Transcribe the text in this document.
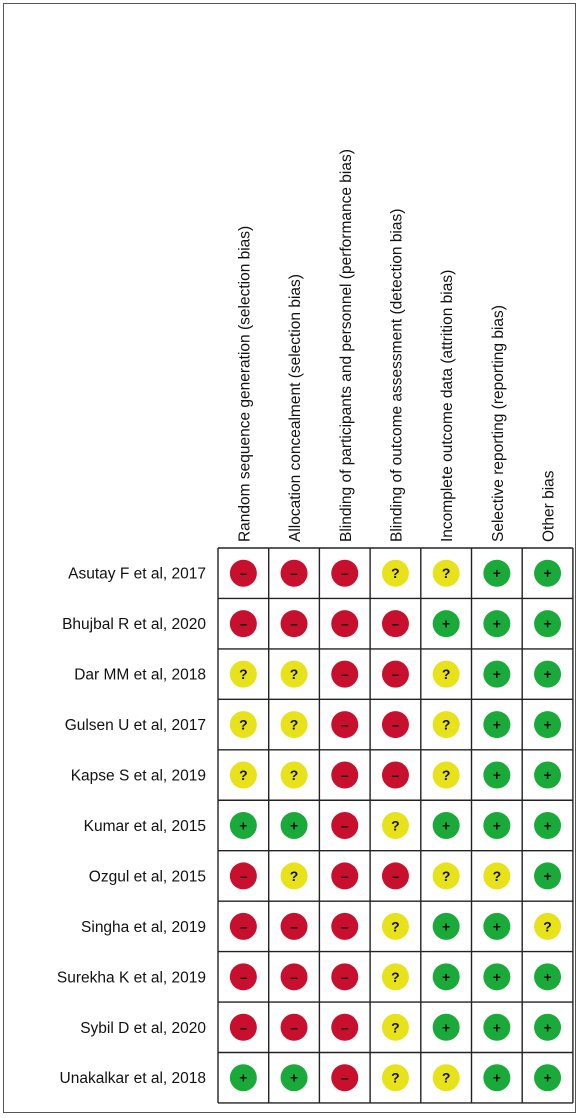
Random sequence generation (selection bias) Allocation concealment (selection bias) Blinding of participants and personnel (performance bias) Blinding of outcome assessment (detection bias) Incomplete outcome data (attrition bias) Selective reporting (reporting bias) Other bias
Asutay F et al, 2017 –	–	–	?	?	+	+
Bhujbal R et al, 2020 –	–	–	–	+	+	+
Dar MM et al, 2018 ?	?	–	–	?	+	+
Gulsen U et al, 2017 ?	?	–	–	?	+	+
Kapse S et al, 2019 ?	?	–	–	?	+	+
Kumar et al, 2015 +	+	–	?	+	+	+
Ozgul et al, 2015 –	?	–	–	?	?	+
Singha et al, 2019 –	–	–	?	+	+	?
Surekha K et al, 2019 –	–	–	?	+	+	+
Sybil D et al, 2020 –	–	–	?	+	+	+
Unakalkar et al, 2018 +	+	–	?	?	+	+
